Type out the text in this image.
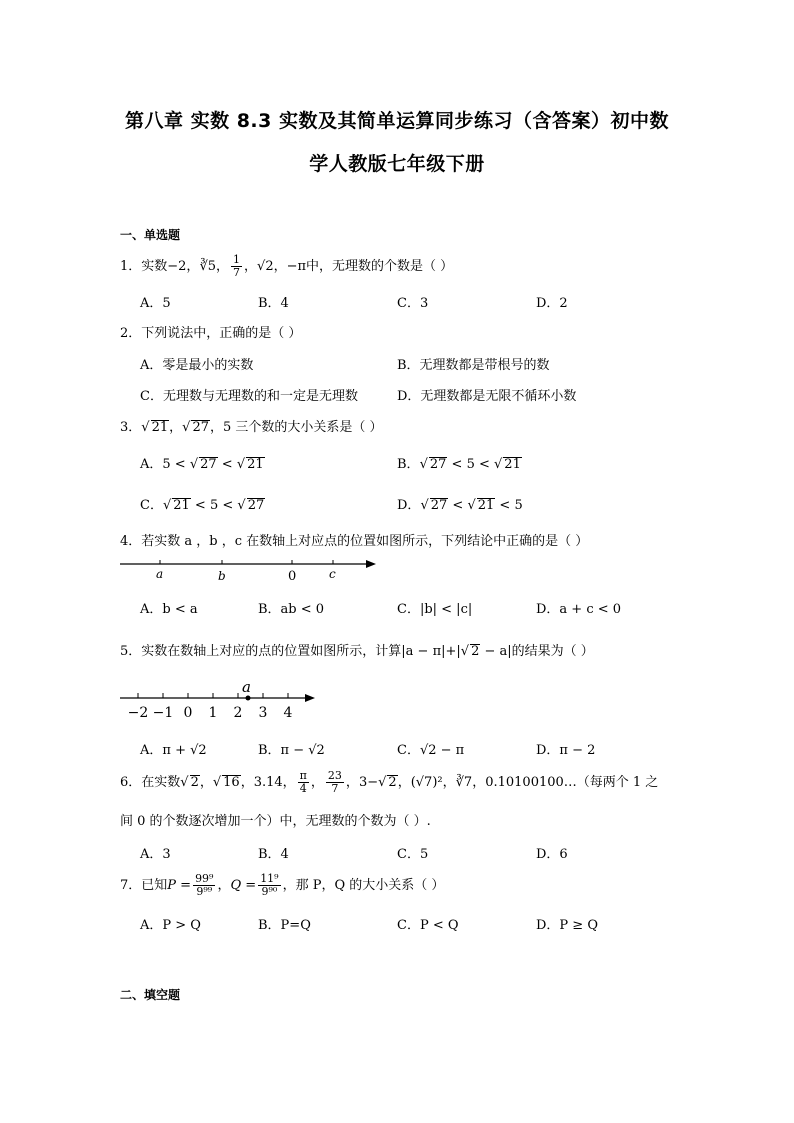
第八章 实数 8.3 实数及其简单运算同步练习（含答案）初中数
学人教版七年级下册
一、单选题
1．实数−2，∛5， $\frac{1}{7}$ ，√2，−π中，无理数的个数是（ ）
A．5	B．4	C．3	D．2
2．下列说法中，正确的是（ ）
A．零是最小的实数	B．无理数都是带根号的数
C．无理数与无理数的和一定是无理数	D．无理数都是无限不循环小数
3．√ 21，√ 27，5 三个数的大小关系是（ ）
A．5 < √ 27 < √ 21	B．√ 27 < 5 < √ 21
C．√ 21 < 5 < √ 27	D．√ 27 < √ 21 < 5
4．若实数 a ，b ，c 在数轴上对应点的位置如图所示，下列结论中正确的是（ ）
a	b	0	c
A．b < a	B．ab < 0	C．|b| < |c|	D．a + c < 0
5．实数在数轴上对应的点的位置如图所示，计算|a − π|+|√ 2 − a|的结果为（ ）
a
−2 −1 0 1 2 3 4
A．π + √2	B．π − √2	C．√2 − π	D．π − 2
6．在实数√ 2，√ 16，3.14， $\frac{\pi}{4}$ ， $\frac{23}{7}$ ，3−√ 2，(√7)²，∛7，0.10100100…（每两个 1 之
间 0 的个数逐次增加一个）中，无理数的个数为（ ）.
A．3	B．4	C．5	D．6
7．已知$P = \frac{\text{99⁹}}{\text{9⁹⁹}}$ ，$Q = \frac{\text{11⁹}}{\text{9⁹⁰}}$ ，那 P，Q 的大小关系（ ）
A．P > Q	B．P=Q	C．P < Q	D．P ≥ Q
二、填空题
